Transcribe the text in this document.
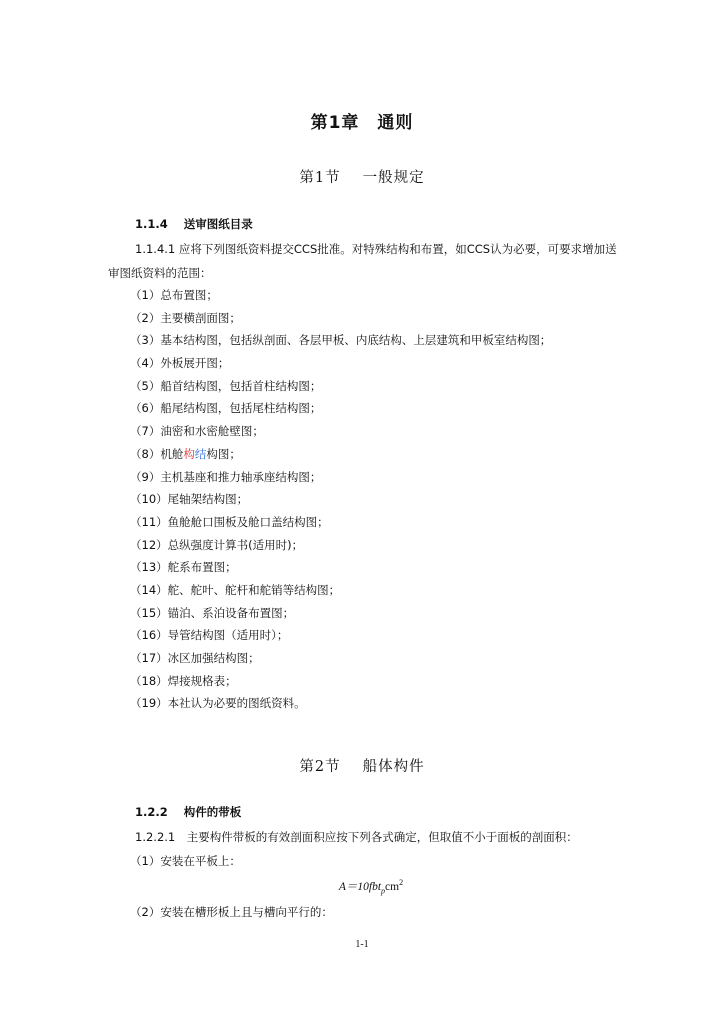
第1章　通则
第1节 一般规定
1.1.4 送审图纸目录
1.1.4.1 应将下列图纸资料提交CCS批准。对特殊结构和布置，如CCS认为必要，可要求增加送审图纸资料的范围：
（1）总布置图；
（2）主要横剖面图；
（3）基本结构图，包括纵剖面、各层甲板、内底结构、上层建筑和甲板室结构图；
（4）外板展开图；
（5）船首结构图，包括首柱结构图；
（6）船尾结构图，包括尾柱结构图；
（7）油密和水密舱壁图；
（8）机舱构结构图；
（9）主机基座和推力轴承座结构图；
（10）尾轴架结构图；
（11）鱼舱舱口围板及舱口盖结构图；
（12）总纵强度计算书(适用时)；
（13）舵系布置图；
（14）舵、舵叶、舵杆和舵销等结构图；
（15）锚泊、系泊设备布置图；
（16）导管结构图（适用时）；
（17）冰区加强结构图；
（18）焊接规格表；
（19）本社认为必要的图纸资料。
第2节 船体构件
1.2.2 构件的带板
1.2.2.1　主要构件带板的有效剖面积应按下列各式确定，但取值不小于面板的剖面积：
（1）安装在平板上：
$A=10fbt_pcm^2$
（2）安装在槽形板上且与槽向平行的：
1-1
